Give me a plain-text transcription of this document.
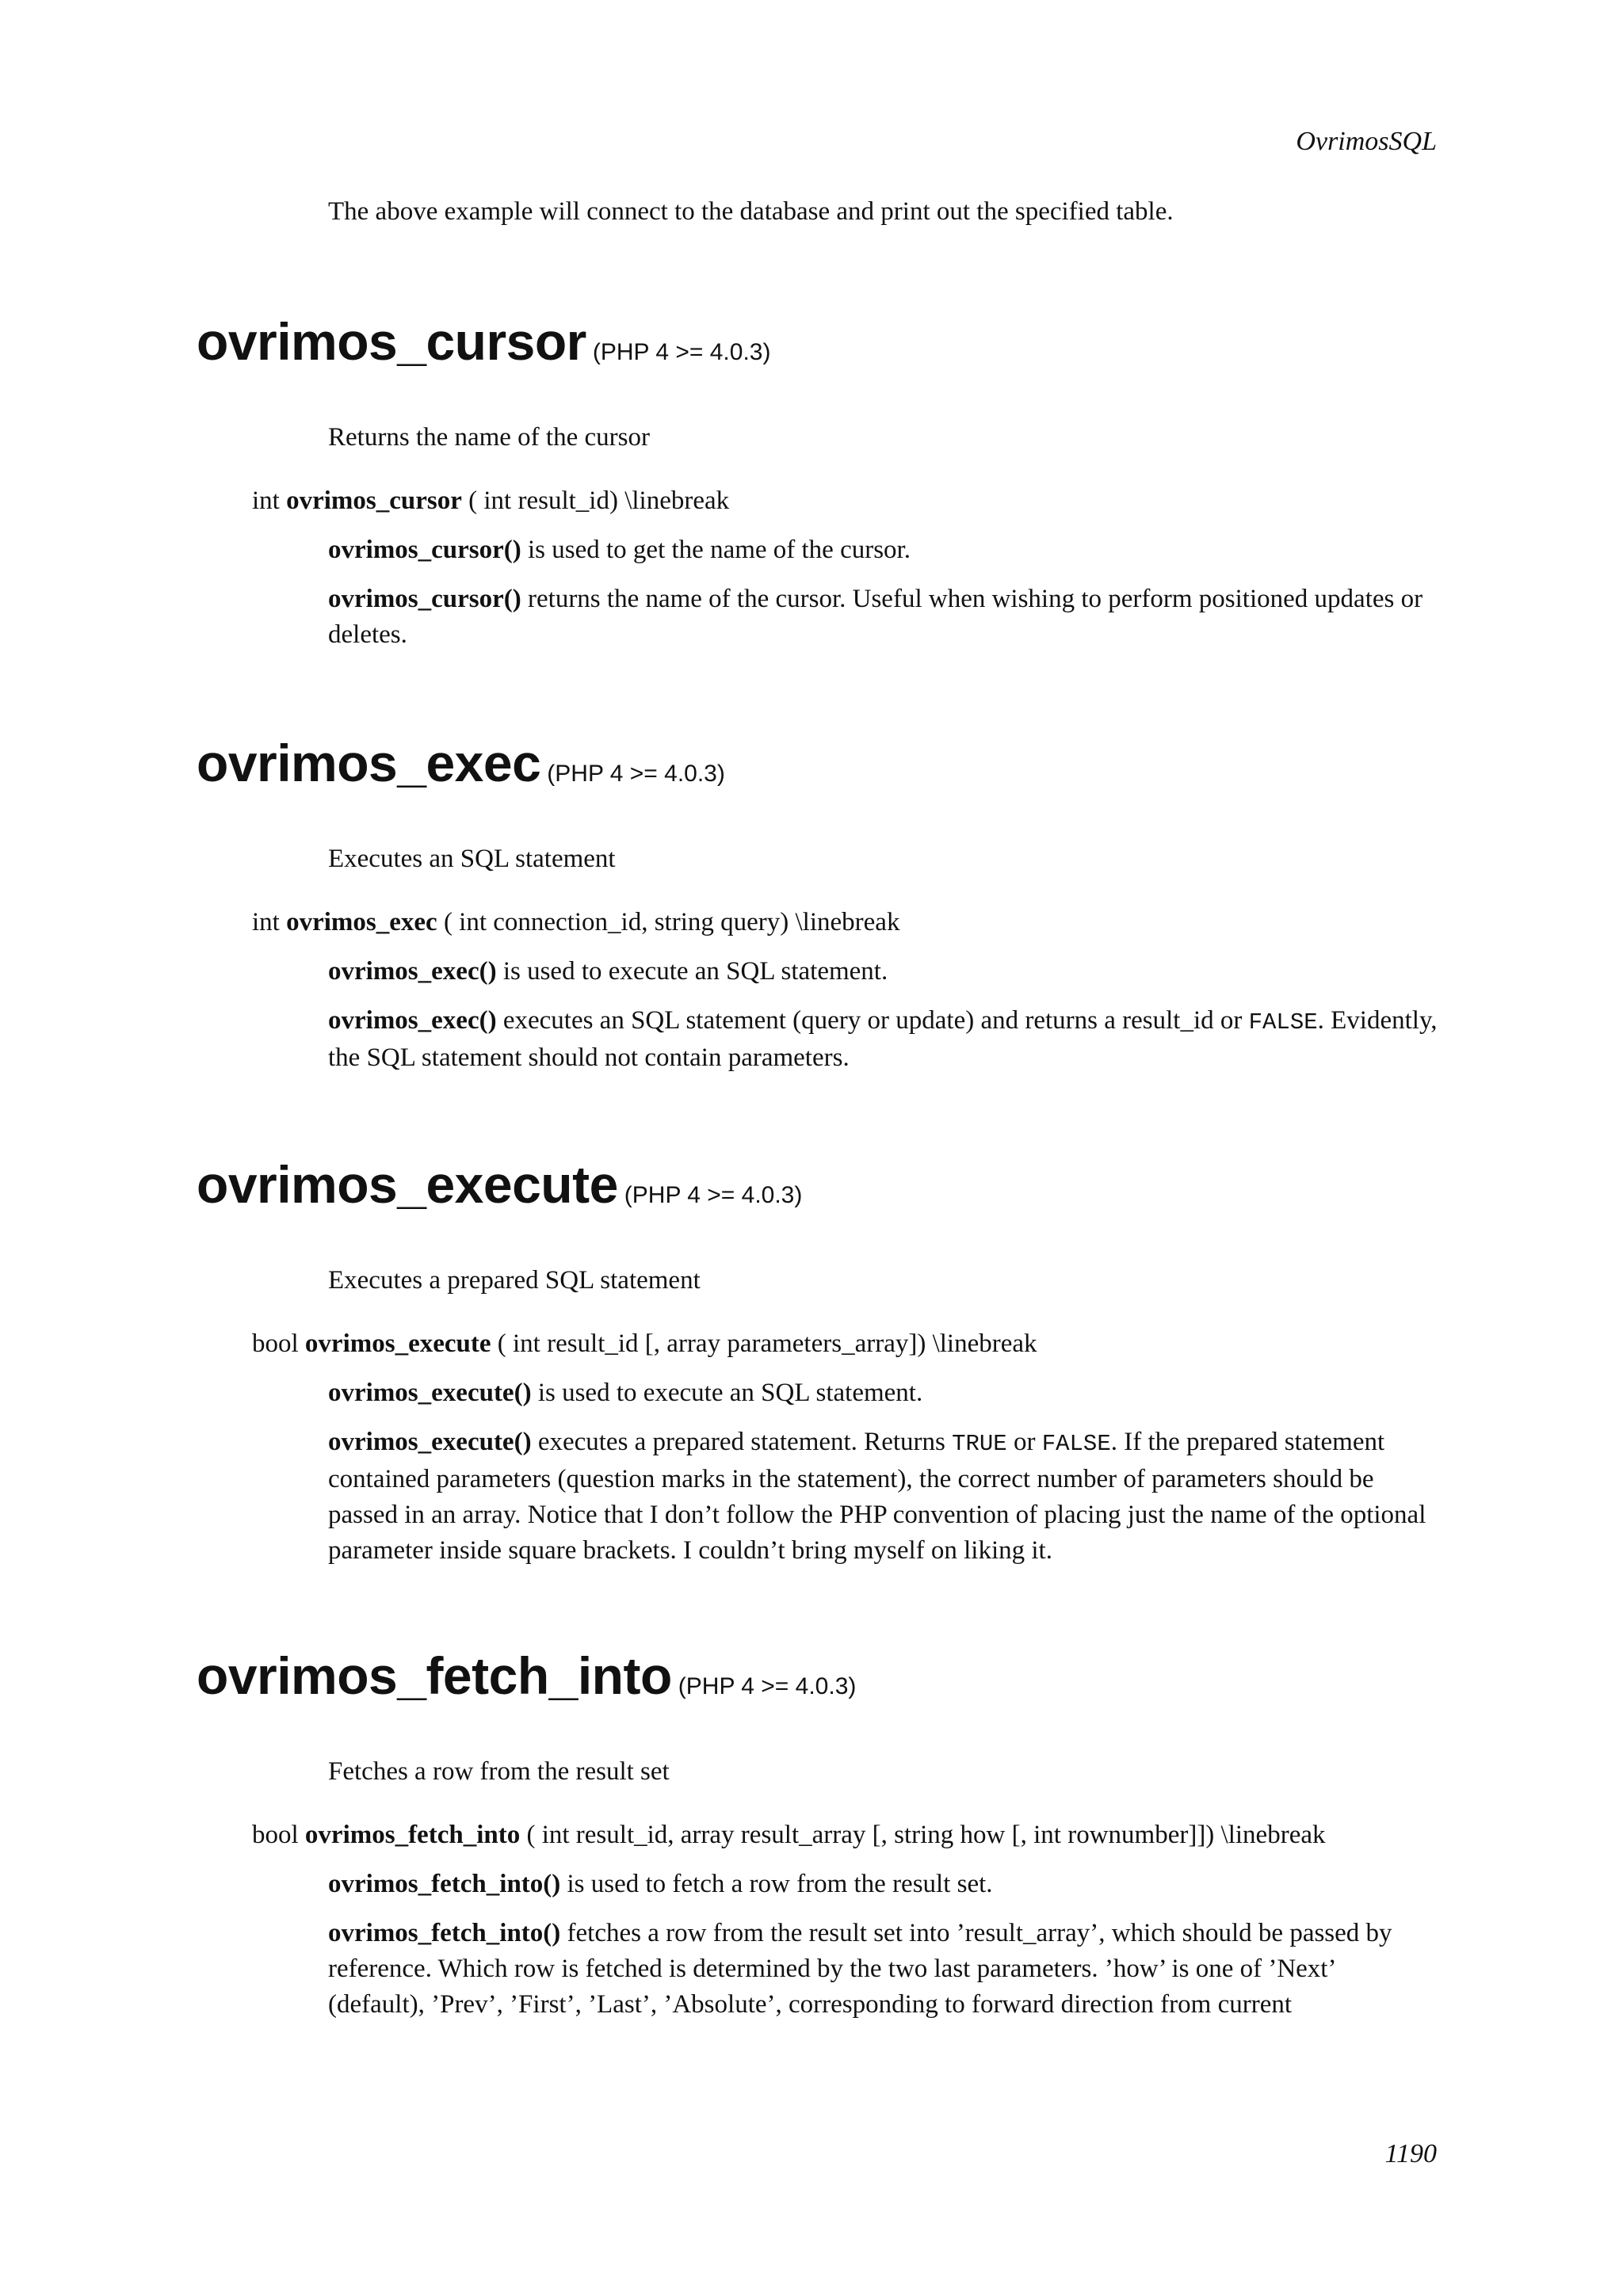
OvrimosSQL

The above example will connect to the database and print out the specified table.

ovrimos_cursor (PHP 4 >= 4.0.3)

Returns the name of the cursor

int ovrimos_cursor ( int result_id) \linebreak

ovrimos_cursor() is used to get the name of the cursor.

ovrimos_cursor() returns the name of the cursor. Useful when wishing to perform positioned updates or deletes.

ovrimos_exec (PHP 4 >= 4.0.3)

Executes an SQL statement

int ovrimos_exec ( int connection_id, string query) \linebreak

ovrimos_exec() is used to execute an SQL statement.

ovrimos_exec() executes an SQL statement (query or update) and returns a result_id or FALSE. Evidently, the SQL statement should not contain parameters.

ovrimos_execute (PHP 4 >= 4.0.3)

Executes a prepared SQL statement

bool ovrimos_execute ( int result_id [, array parameters_array]) \linebreak

ovrimos_execute() is used to execute an SQL statement.

ovrimos_execute() executes a prepared statement. Returns TRUE or FALSE. If the prepared statement contained parameters (question marks in the statement), the correct number of parameters should be passed in an array. Notice that I don’t follow the PHP convention of placing just the name of the optional parameter inside square brackets. I couldn’t bring myself on liking it.

ovrimos_fetch_into (PHP 4 >= 4.0.3)

Fetches a row from the result set

bool ovrimos_fetch_into ( int result_id, array result_array [, string how [, int rownumber]]) \linebreak

ovrimos_fetch_into() is used to fetch a row from the result set.

ovrimos_fetch_into() fetches a row from the result set into ’result_array’, which should be passed by reference. Which row is fetched is determined by the two last parameters. ’how’ is one of ’Next’ (default), ’Prev’, ’First’, ’Last’, ’Absolute’, corresponding to forward direction from current

1190
